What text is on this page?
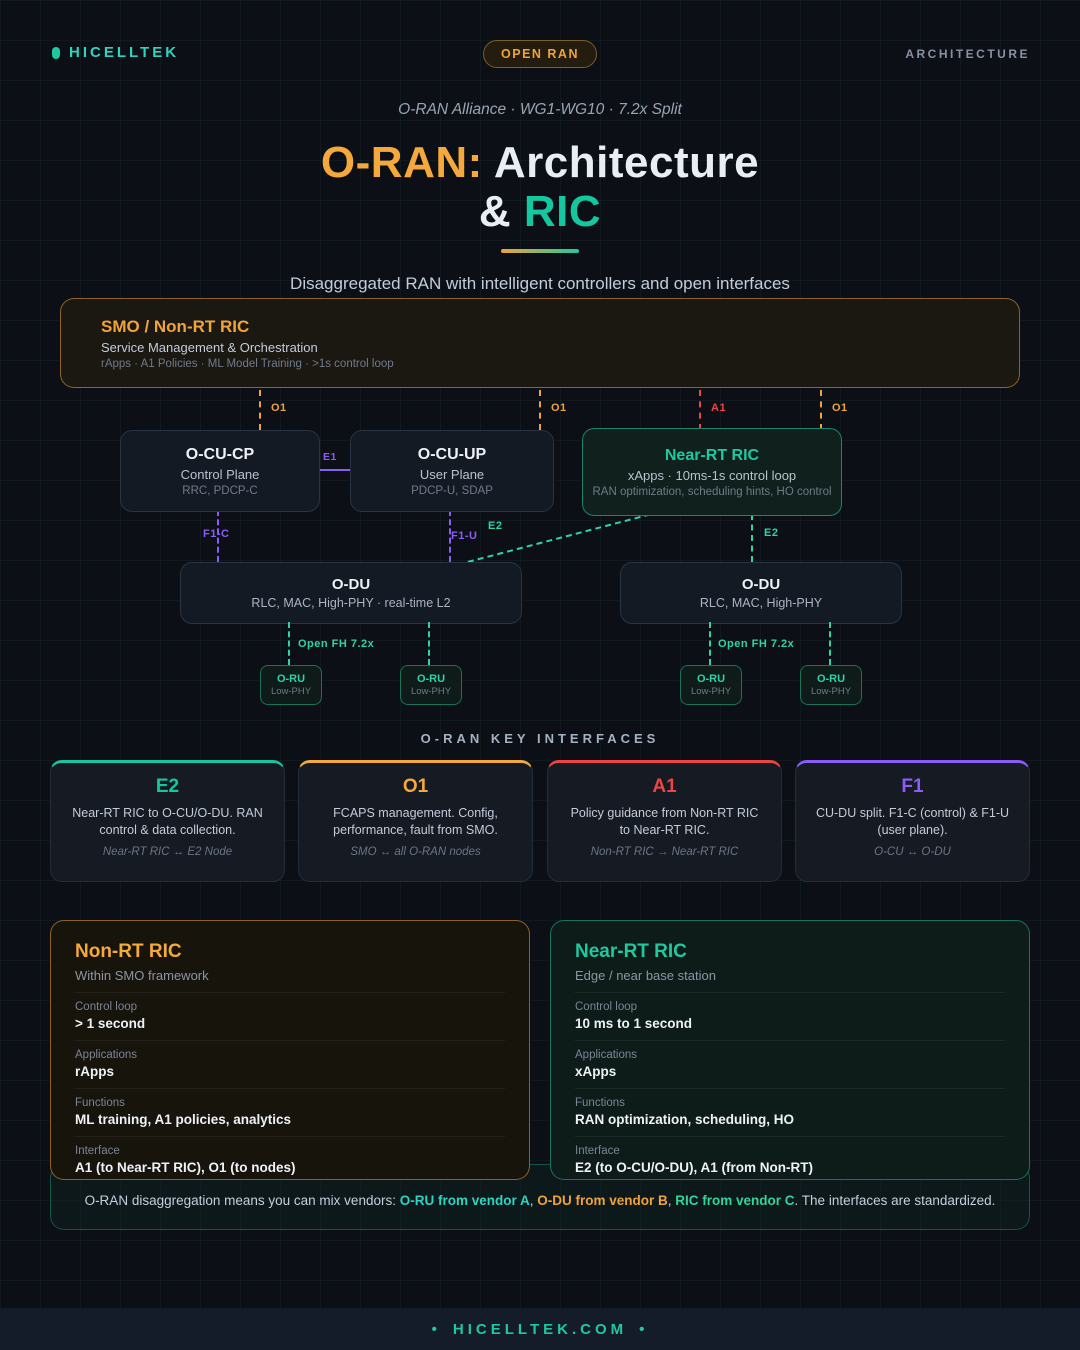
HICELLTEK	OPEN RAN	ARCHITECTURE
O-RAN Alliance · WG1-WG10 · 7.2x Split
O-RAN: Architecture
& RIC
Disaggregated RAN with intelligent controllers and open interfaces
SMO / Non-RT RIC
Service Management & Orchestration
rApps · A1 Policies · ML Model Training · >1s control loop
O1	O1	A1	O1
E1
F1-C	F1-U
E2
E2
O-CU-CP
Control Plane
RRC, PDCP-C
O-CU-UP
User Plane
PDCP-U, SDAP
Near-RT RIC
xApps · 10ms-1s control loop
RAN optimization, scheduling hints, HO control
O-DU
RLC, MAC, High-PHY · real-time L2
O-DU
RLC, MAC, High-PHY
Open FH 7.2x	Open FH 7.2x
O-RU
Low-PHY
O-RU
Low-PHY
O-RU
Low-PHY
O-RU
Low-PHY
O-RAN KEY INTERFACES
E2
Near-RT RIC to O-CU/O-DU. RAN control & data collection.
Near-RT RIC ↔ E2 Node
O1
FCAPS management. Config, performance, fault from SMO.
SMO ↔ all O-RAN nodes
A1
Policy guidance from Non-RT RIC to Near-RT RIC.
Non-RT RIC → Near-RT RIC
F1
CU-DU split. F1-C (control) & F1-U (user plane).
O-CU ↔ O-DU
Non-RT RIC
Within SMO framework
Control loop
> 1 second
Applications
rApps
Functions
ML training, A1 policies, analytics
Interface
A1 (to Near-RT RIC), O1 (to nodes)
Near-RT RIC
Edge / near base station
Control loop
10 ms to 1 second
Applications
xApps
Functions
RAN optimization, scheduling, HO
Interface
E2 (to O-CU/O-DU), A1 (from Non-RT)
O-RAN disaggregation means you can mix vendors: O-RU from vendor A, O-DU from vendor B, RIC from vendor C. The interfaces are standardized.
• HICELLTEK.COM •
